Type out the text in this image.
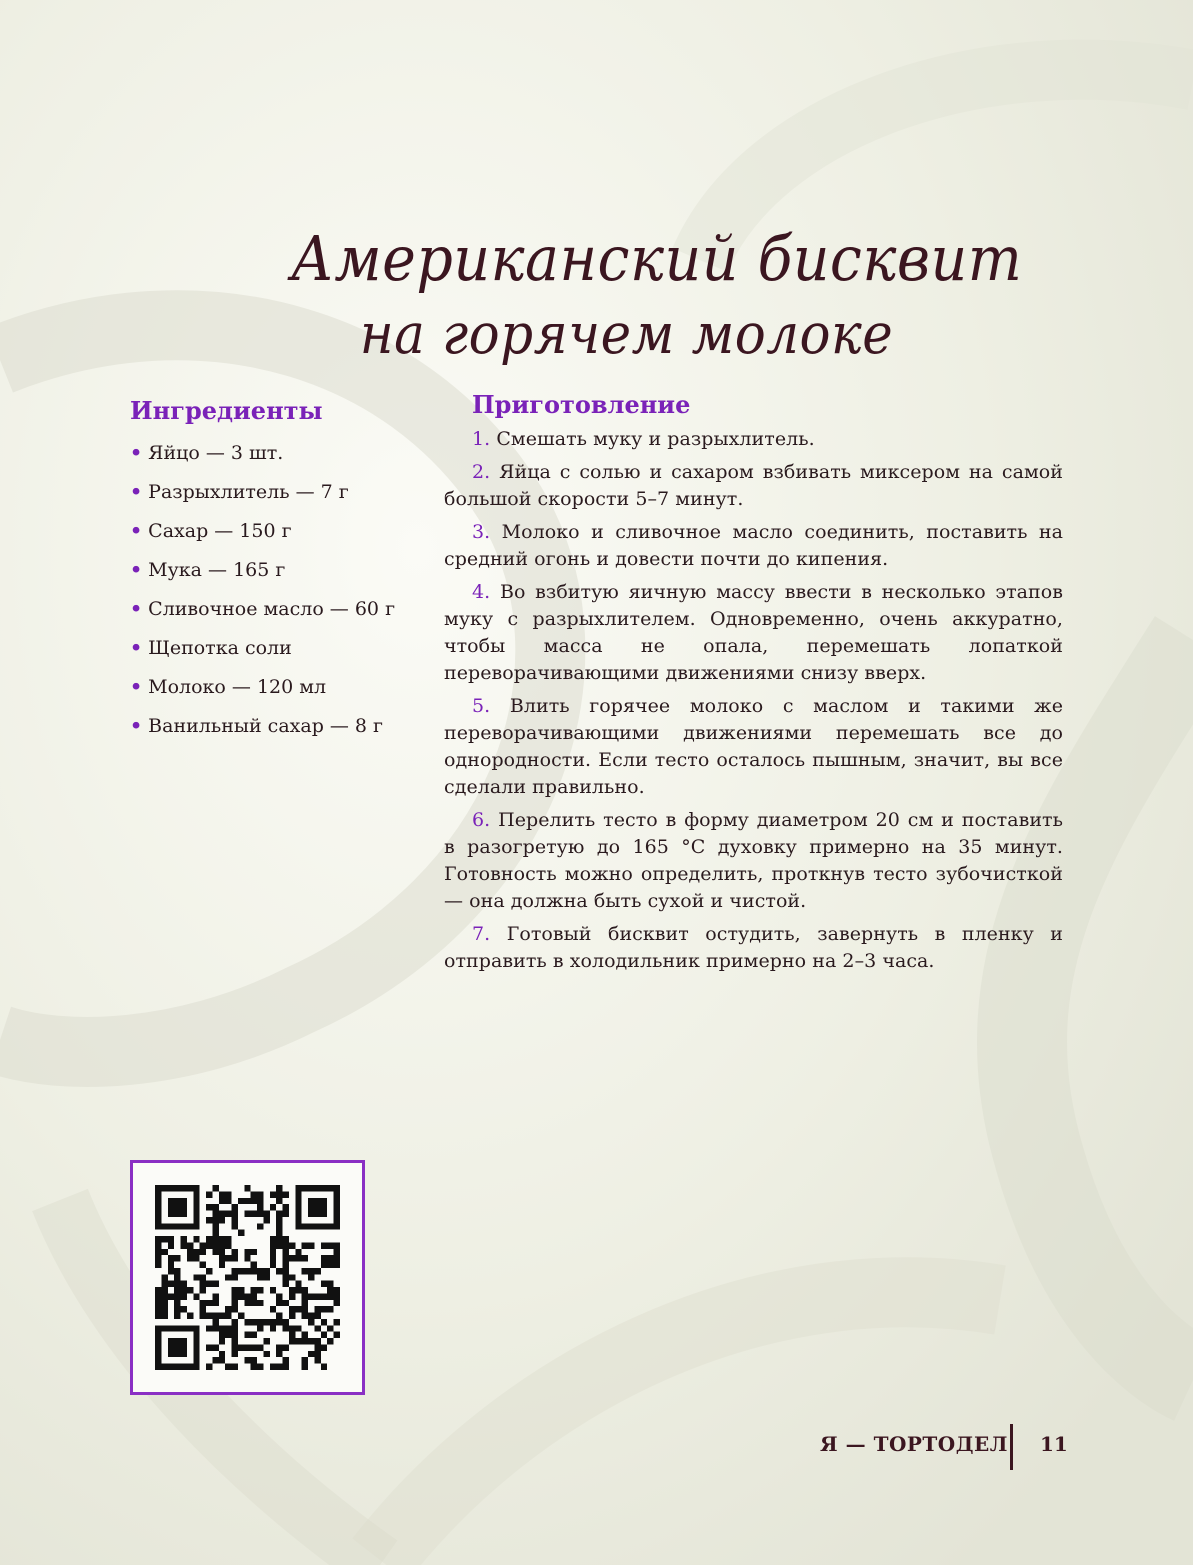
Американский бисквит
на горячем молоке
Ингредиенты
• Яйцо — 3 шт.
• Разрыхлитель — 7 г
• Сахар — 150 г
• Мука — 165 г
• Сливочное масло — 60 г
• Щепотка соли
• Молоко — 120 мл
• Ванильный сахар — 8 г
Приготовление

1. Смешать муку и разрыхлитель.

2. Яйца с солью и сахаром взбивать миксером на самой большой скорости 5–7 минут.

3. Молоко и сливочное масло соединить, поставить на средний огонь и довести почти до кипения.

4. Во взбитую яичную массу ввести в несколько этапов муку с разрыхлителем. Одновременно, очень аккуратно, чтобы масса не опала, перемешать лопаткой переворачивающими движениями снизу вверх.

5. Влить горячее молоко с маслом и такими же переворачивающими движениями перемешать все до однородности. Если тесто осталось пышным, значит, вы все сделали правильно.

6. Перелить тесто в форму диаметром 20 см и поставить в разогретую до 165 °С духовку примерно на 35 минут. Готовность можно определить, проткнув тесто зубочисткой — она должна быть сухой и чистой.

7. Готовый бисквит остудить, завернуть в пленку и отправить в холодильник примерно на 2–3 часа.

Я — ТОРТОДЕЛ 11
